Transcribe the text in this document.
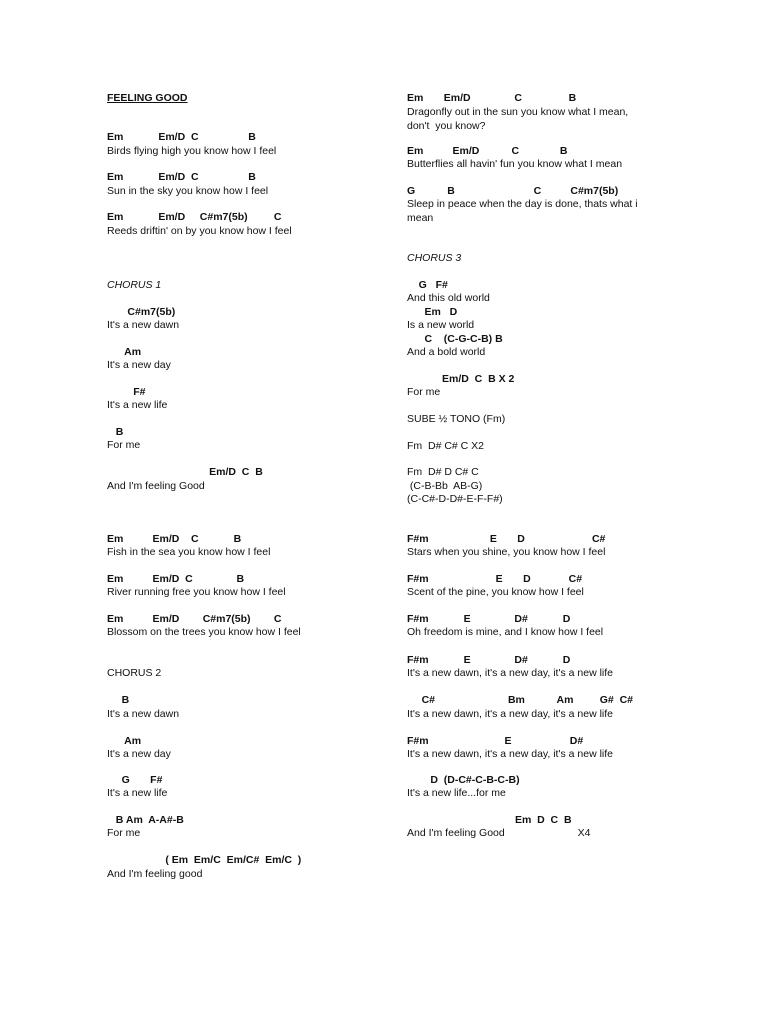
FEELING GOOD
Em            Em/D  C                 B
Birds flying high you know how I feel
Em            Em/D  C                 B
Sun in the sky you know how I feel
Em            Em/D     C#m7(5b)         C
Reeds driftin' on by you know how I feel
CHORUS 1
C#m7(5b)
It's a new dawn
Am
It's a new day
F#
It's a new life
B
For me
Em/D  C  B
And I'm feeling Good
Em          Em/D    C            B
Fish in the sea you know how I feel
Em          Em/D  C               B
River running free you know how I feel
Em          Em/D        C#m7(5b)        C
Blossom on the trees you know how I feel
CHORUS 2
B
It's a new dawn
Am
It's a new day
G       F#
It's a new life
B Am  A-A#-B
For me
( Em  Em/C  Em/C#  Em/C  )
And I'm feeling good
Em       Em/D               C                B
Dragonfly out in the sun you know what I mean,
don't  you know?
Em          Em/D           C              B
Butterflies all havin' fun you know what I mean
G           B                           C          C#m7(5b)
Sleep in peace when the day is done, thats what i
mean
CHORUS 3
G   F#
And this old world
Em   D
Is a new world
C    (C-G-C-B) B
And a bold world
Em/D  C  B X 2
For me
SUBE ½ TONO (Fm)
Fm  D# C# C X2
Fm  D# D C# C
(C-B-Bb  AB-G)
(C-C#-D-D#-E-F-F#)
F#m                     E       D                       C#
Stars when you shine, you know how I feel
F#m                       E       D             C#
Scent of the pine, you know how I feel
F#m            E               D#            D
Oh freedom is mine, and I know how I feel
F#m            E               D#            D
It's a new dawn, it's a new day, it's a new life
C#                         Bm           Am         G#  C#
It's a new dawn, it's a new day, it's a new life
F#m                          E                    D#
It's a new dawn, it's a new day, it's a new life
D  (D-C#-C-B-C-B)
It's a new life...for me
Em  D  C  B
And I'm feeling Good                         X4
